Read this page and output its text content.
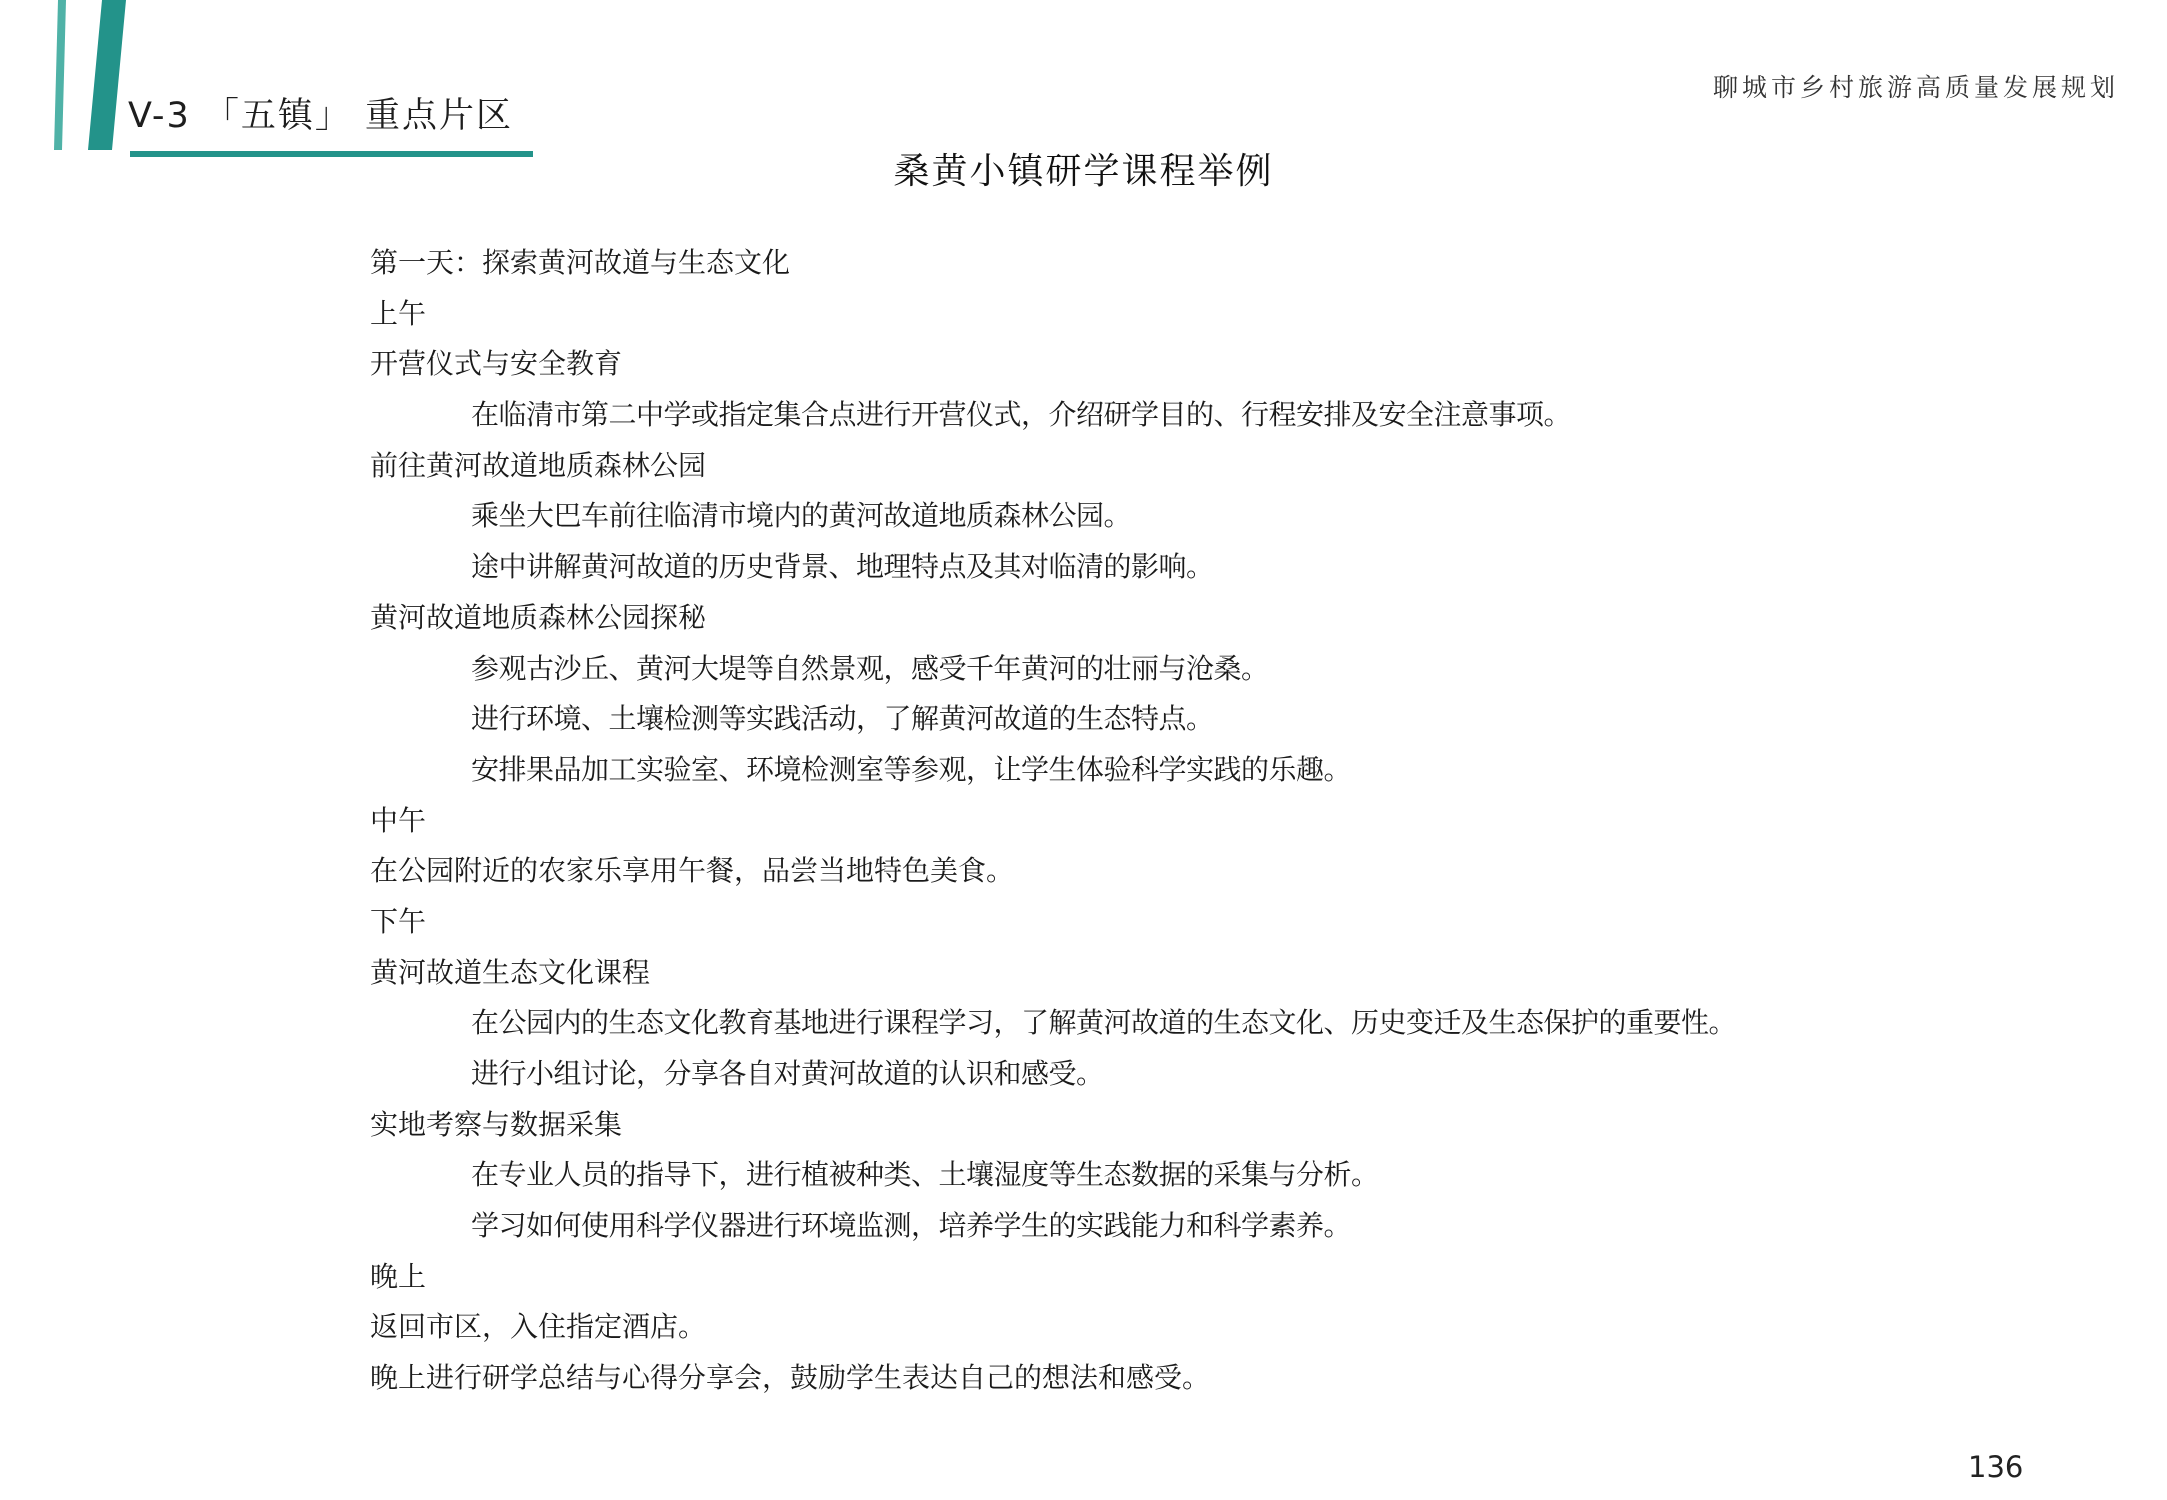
V-3 「五镇」 重点片区
聊城市乡村旅游高质量发展规划
桑黄小镇研学课程举例
第一天：探索黄河故道与生态文化
上午
开营仪式与安全教育
在临清市第二中学或指定集合点进行开营仪式，介绍研学目的、行程安排及安全注意事项。
前往黄河故道地质森林公园
乘坐大巴车前往临清市境内的黄河故道地质森林公园。
途中讲解黄河故道的历史背景、地理特点及其对临清的影响。
黄河故道地质森林公园探秘
参观古沙丘、黄河大堤等自然景观，感受千年黄河的壮丽与沧桑。
进行环境、土壤检测等实践活动，了解黄河故道的生态特点。
安排果品加工实验室、环境检测室等参观，让学生体验科学实践的乐趣。
中午
在公园附近的农家乐享用午餐，品尝当地特色美食。
下午
黄河故道生态文化课程
在公园内的生态文化教育基地进行课程学习，了解黄河故道的生态文化、历史变迁及生态保护的重要性。
进行小组讨论，分享各自对黄河故道的认识和感受。
实地考察与数据采集
在专业人员的指导下，进行植被种类、土壤湿度等生态数据的采集与分析。
学习如何使用科学仪器进行环境监测，培养学生的实践能力和科学素养。
晚上
返回市区，入住指定酒店。
晚上进行研学总结与心得分享会，鼓励学生表达自己的想法和感受。
136
